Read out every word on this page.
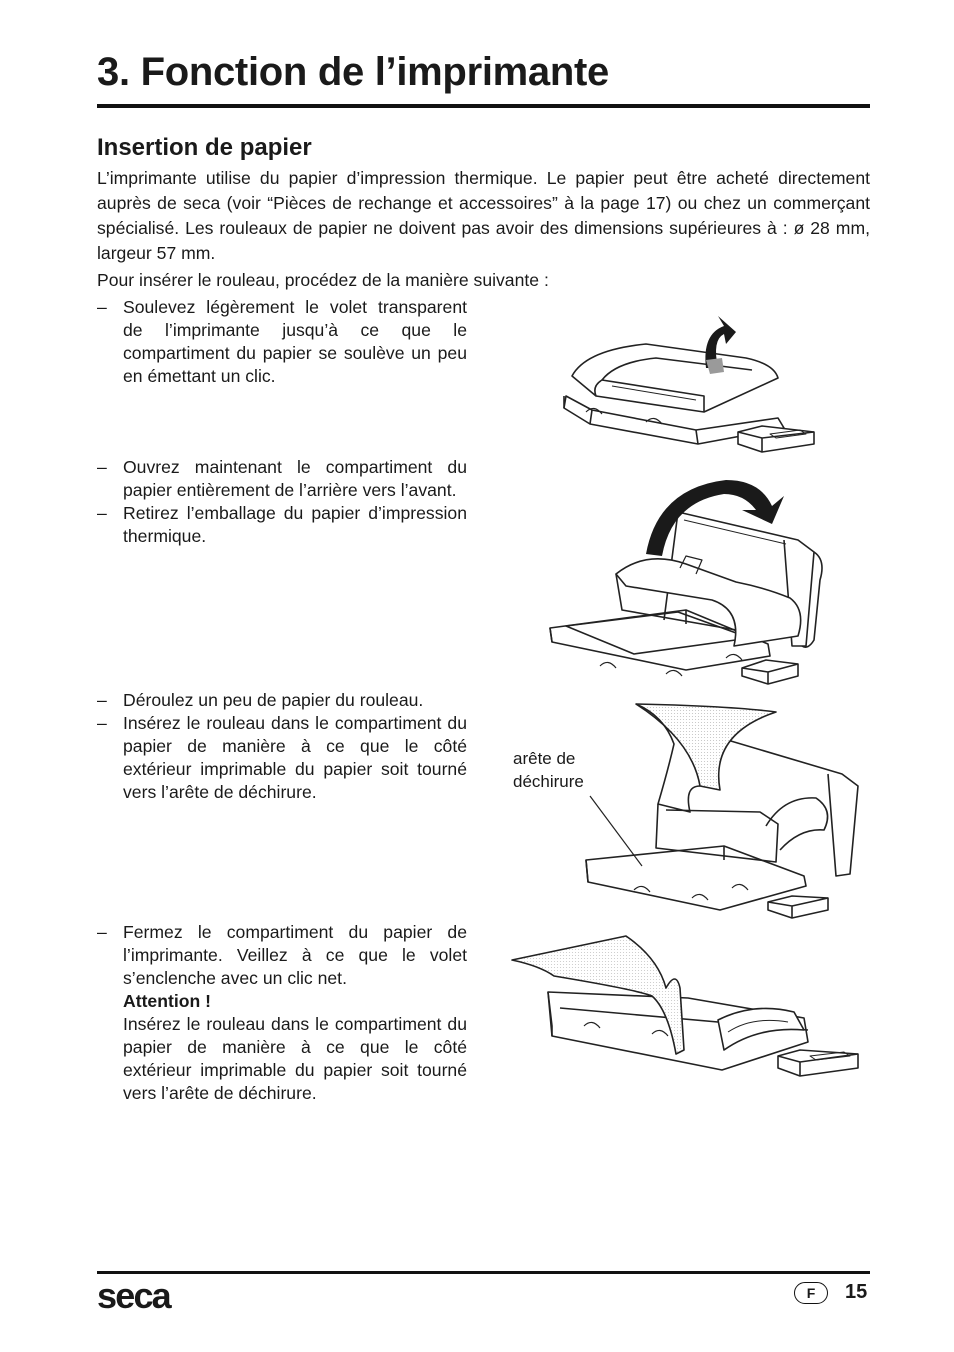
3. Fonction de l’imprimante
Insertion de papier
L’imprimante utilise du papier d’impression thermique. Le papier peut être acheté directement auprès de seca (voir “Pièces de rechange et accessoires” à la page 17) ou chez un commerçant spécialisé. Les rouleaux de papier ne doivent pas avoir des dimensions supérieures à : ø 28 mm, largeur 57 mm.
Pour insérer le rouleau, procédez de la manière suivante :
– Soulevez légèrement le volet transparent de l’imprimante jusqu’à ce que le compartiment du papier se soulève un peu en émettant un clic.
– Ouvrez maintenant le compartiment du papier entièrement de l’arrière vers l’avant.
– Retirez l’emballage du papier d’impression thermique.
– Déroulez un peu de papier du rouleau.
– Insérez le rouleau dans le compartiment du papier de manière à ce que le côté extérieur imprimable du papier soit tourné vers l’arête de déchirure.
– Fermez le compartiment du papier de l’imprimante. Veillez à ce que le volet s’enclenche avec un clic net.
Attention !
Insérez le rouleau dans le compartiment du papier de manière à ce que le côté extérieur imprimable du papier soit tourné vers l’arête de déchirure.
arête de
déchirure
seca	F	15
